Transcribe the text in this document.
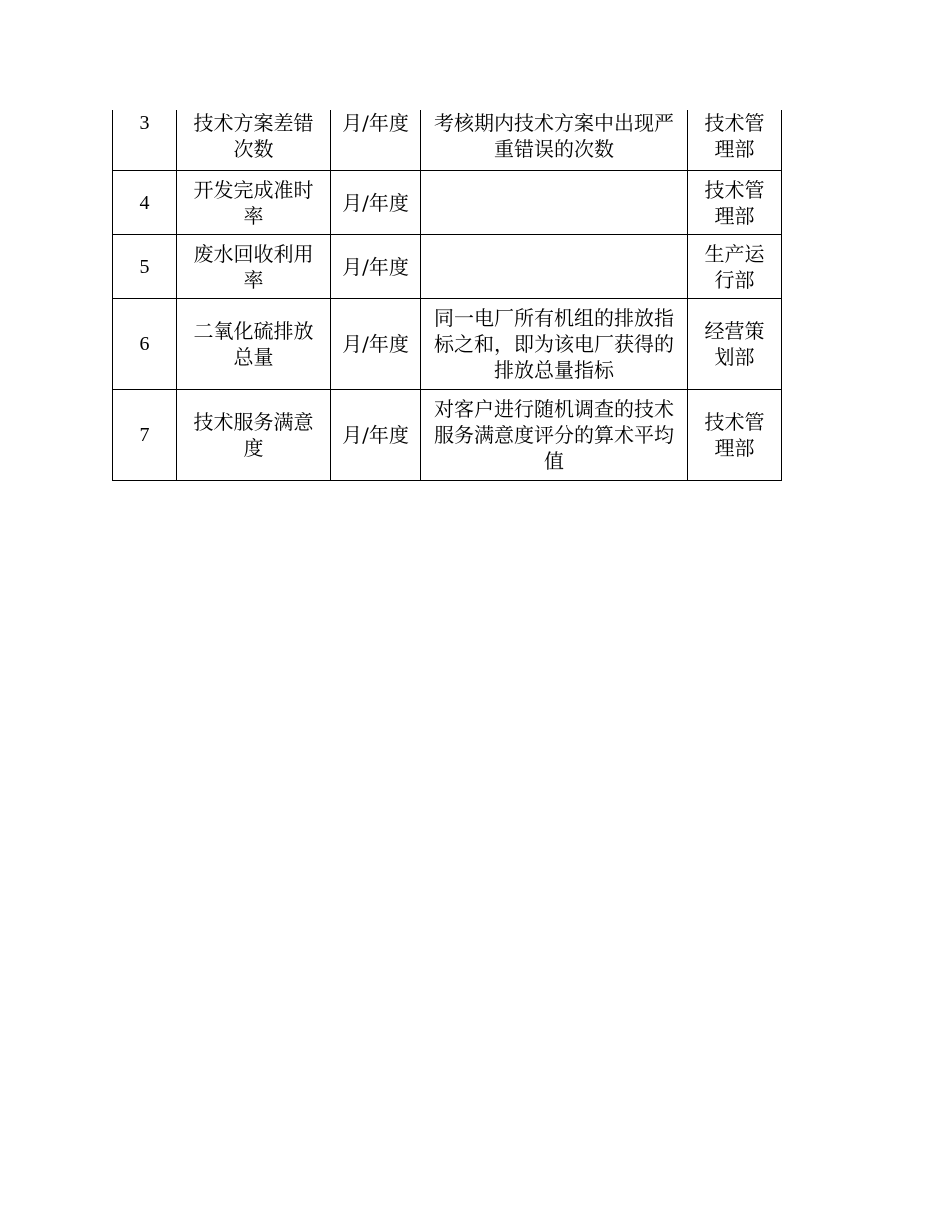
3	技术方案差错次数	月/年度	考核期内技术方案中出现严重错误的次数	技术管理部
4	开发完成准时率	月/年度		技术管理部
5	废水回收利用率	月/年度		生产运行部
6	二氧化硫排放总量	月/年度	同一电厂所有机组的排放指标之和，即为该电厂获得的排放总量指标	经营策划部
7	技术服务满意度	月/年度	对客户进行随机调查的技术服务满意度评分的算术平均值	技术管理部
